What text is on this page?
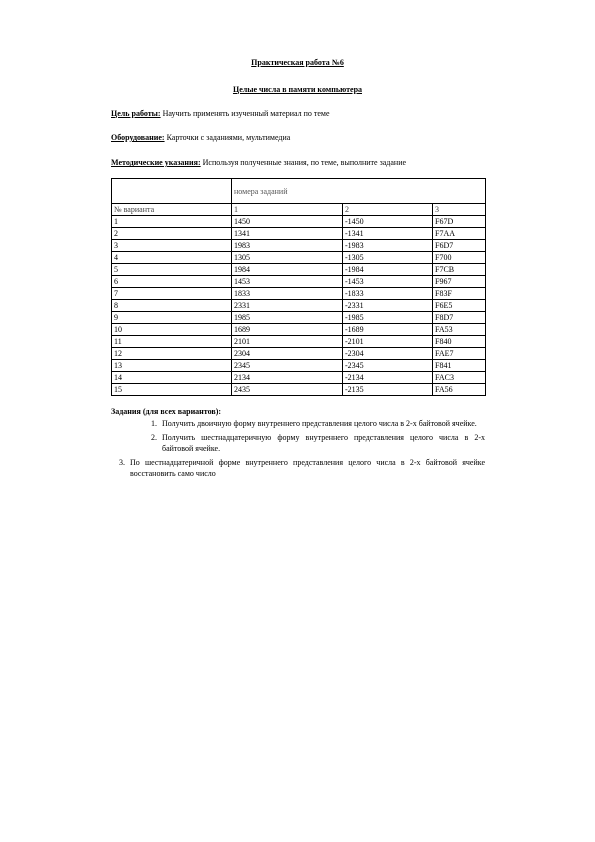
Практическая работа №6
Целые числа в памяти компьютера
Цель работы: Научить применять изученный материал по теме
Оборудование: Карточки с заданиями, мультимедиа
Методические указания: Используя полученные знания, по теме, выполните задание
	номера заданий		
№ варианта	1	2	3
1	1450	-1450	F67D
2	1341	-1341	F7AA
3	1983	-1983	F6D7
4	1305	-1305	F700
5	1984	-1984	F7CB
6	1453	-1453	F967
7	1833	-1833	F83F
8	2331	-2331	F6E5
9	1985	-1985	F8D7
10	1689	-1689	FA53
11	2101	-2101	F840
12	2304	-2304	FAE7
13	2345	-2345	F841
14	2134	-2134	FAC3
15	2435	-2135	FA56
Задания (для всех вариантов):
1. Получить двоичную форму внутреннего представления целого числа в 2-х байтовой ячейке.
2. Получить шестнадцатеричную форму внутреннего представления целого числа в 2-х байтовой ячейке.
3. По шестнадцатеричной форме внутреннего представления целого числа в 2-х байтовой ячейке восстановить само число
